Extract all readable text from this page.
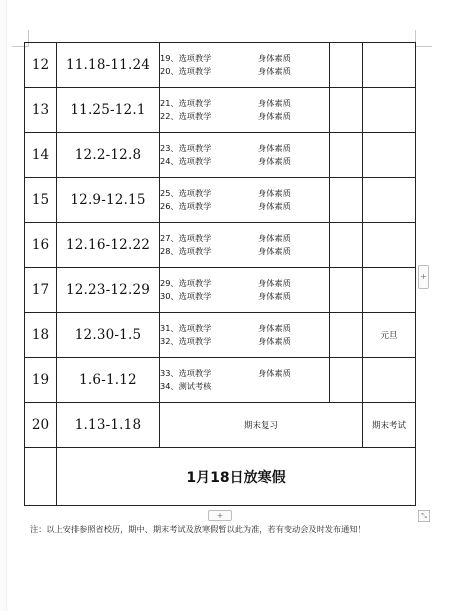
12	11.18-11.24	19、选项教学 身体素质
20、选项教学 身体素质		

13	11.25-12.1	21、选项教学 身体素质
22、选项教学 身体素质		

14	12.2-12.8	23、选项教学 身体素质
24、选项教学 身体素质		

15	12.9-12.15	25、选项教学 身体素质
26、选项教学 身体素质		

16	12.16-12.22	27、选项教学 身体素质
28、选项教学 身体素质		

17	12.23-12.29	29、选项教学 身体素质
30、选项教学 身体素质		

18	12.30-1.5	31、选项教学 身体素质
32、选项教学 身体素质		元旦
19	1.6-1.12	33、选项教学 身体素质
34、测试考核		

20	1.13-1.18	期末复习		期末考试
	1月18日放寒假			
+
+
⤡
注：以上安排参照省校历，期中、期末考试及放寒假暂以此为准，若有变动会及时发布通知！
